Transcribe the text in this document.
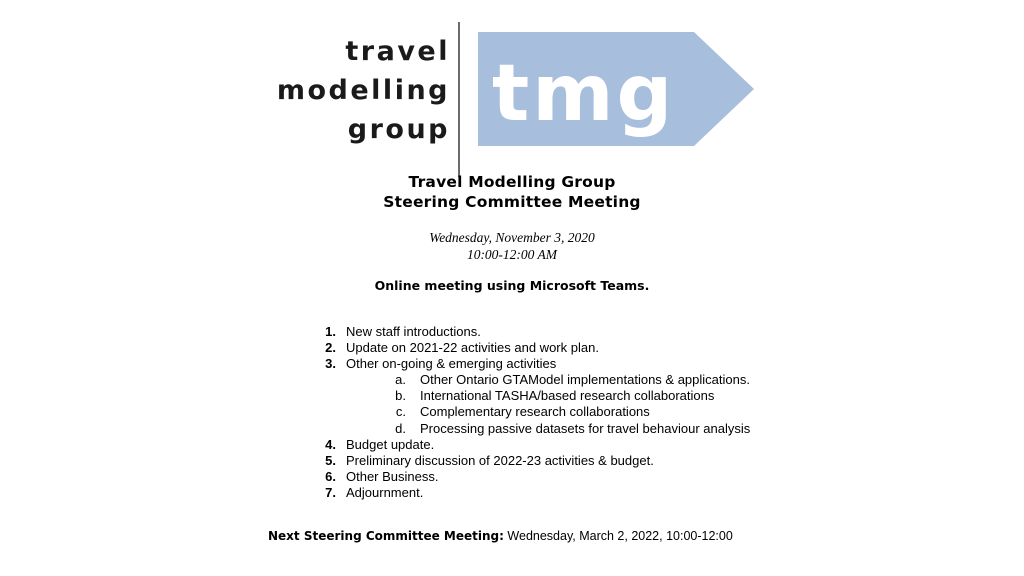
travel
modelling
group tmg
Travel Modelling Group
Steering Committee Meeting
Wednesday, November 3, 2020
10:00-12:00 AM
Online meeting using Microsoft Teams.
1. New staff introductions.
2. Update on 2021-22 activities and work plan.
3. Other on-going & emerging activities
a. Other Ontario GTAModel implementations & applications.
b. International TASHA/based research collaborations
c. Complementary research collaborations
d. Processing passive datasets for travel behaviour analysis
4. Budget update.
5. Preliminary discussion of 2022-23 activities & budget.
6. Other Business.
7. Adjournment.
Next Steering Committee Meeting: Wednesday, March 2, 2022, 10:00-12:00
